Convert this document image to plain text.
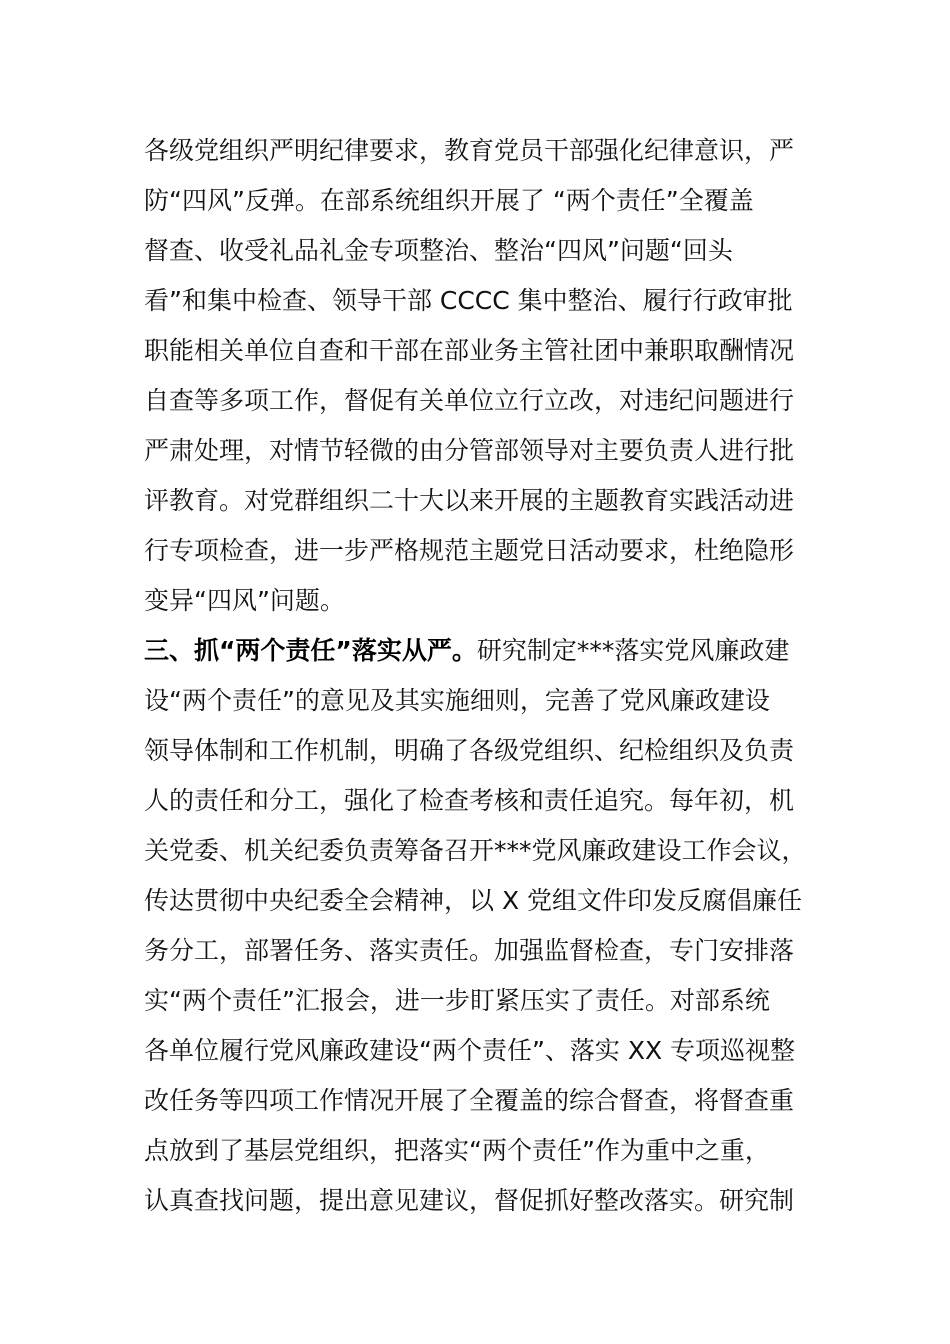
各级党组织严明纪律要求，教育党员干部强化纪律意识，严
防“四风”反弹。在部系统组织开展了 “两个责任”全覆盖
督查、收受礼品礼金专项整治、整治“四风”问题“回头
看”和集中检查、领导干部 CCCC 集中整治、履行行政审批
职能相关单位自查和干部在部业务主管社团中兼职取酬情况
自查等多项工作，督促有关单位立行立改，对违纪问题进行
严肃处理，对情节轻微的由分管部领导对主要负责人进行批
评教育。对党群组织二十大以来开展的主题教育实践活动进
行专项检查，进一步严格规范主题党日活动要求，杜绝隐形
变异“四风”问题。
三、抓“两个责任”落实从严。研究制定***落实党风廉政建
设“两个责任”的意见及其实施细则，完善了党风廉政建设
领导体制和工作机制，明确了各级党组织、纪检组织及负责
人的责任和分工，强化了检查考核和责任追究。每年初，机
关党委、机关纪委负责筹备召开***党风廉政建设工作会议，
传达贯彻中央纪委全会精神，以 X 党组文件印发反腐倡廉任
务分工，部署任务、落实责任。加强监督检查，专门安排落
实“两个责任”汇报会，进一步盯紧压实了责任。对部系统
各单位履行党风廉政建设“两个责任”、落实 XX 专项巡视整
改任务等四项工作情况开展了全覆盖的综合督查，将督查重
点放到了基层党组织，把落实“两个责任”作为重中之重，
认真查找问题，提出意见建议，督促抓好整改落实。研究制
